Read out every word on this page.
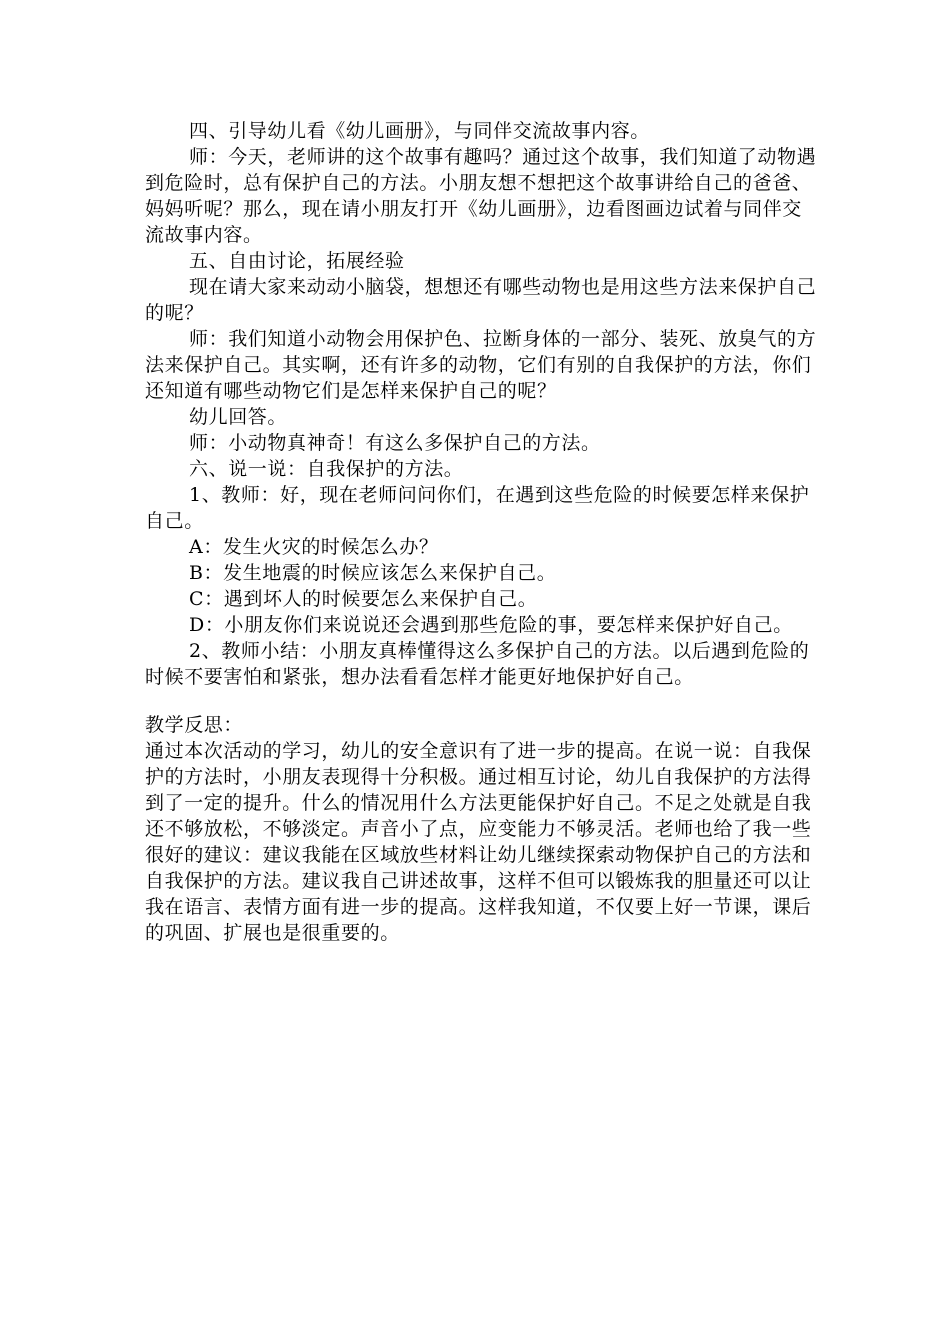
四、引导幼儿看《幼儿画册》，与同伴交流故事内容。

师：今天，老师讲的这个故事有趣吗？通过这个故事，我们知道了动物遇到危险时，总有保护自己的方法。小朋友想不想把这个故事讲给自己的爸爸、妈妈听呢？那么，现在请小朋友打开《幼儿画册》，边看图画边试着与同伴交流故事内容。

五、自由讨论，拓展经验

现在请大家来动动小脑袋，想想还有哪些动物也是用这些方法来保护自己的呢？

师：我们知道小动物会用保护色、拉断身体的一部分、装死、放臭气的方法来保护自己。其实啊，还有许多的动物，它们有别的自我保护的方法，你们还知道有哪些动物它们是怎样来保护自己的呢？

幼儿回答。

师：小动物真神奇！有这么多保护自己的方法。

六、说一说：自我保护的方法。

1、教师：好，现在老师问问你们，在遇到这些危险的时候要怎样来保护自己。

A：发生火灾的时候怎么办？

B：发生地震的时候应该怎么来保护自己。

C：遇到坏人的时候要怎么来保护自己。

D：小朋友你们来说说还会遇到那些危险的事，要怎样来保护好自己。

2、教师小结：小朋友真棒懂得这么多保护自己的方法。以后遇到危险的时候不要害怕和紧张，想办法看看怎样才能更好地保护好自己。

教学反思：

通过本次活动的学习，幼儿的安全意识有了进一步的提高。在说一说：自我保护的方法时，小朋友表现得十分积极。通过相互讨论，幼儿自我保护的方法得到了一定的提升。什么的情况用什么方法更能保护好自己。不足之处就是自我还不够放松，不够淡定。声音小了点，应变能力不够灵活。老师也给了我一些很好的建议：建议我能在区域放些材料让幼儿继续探索动物保护自己的方法和自我保护的方法。建议我自己讲述故事，这样不但可以锻炼我的胆量还可以让我在语言、表情方面有进一步的提高。这样我知道，不仅要上好一节课，课后的巩固、扩展也是很重要的。
